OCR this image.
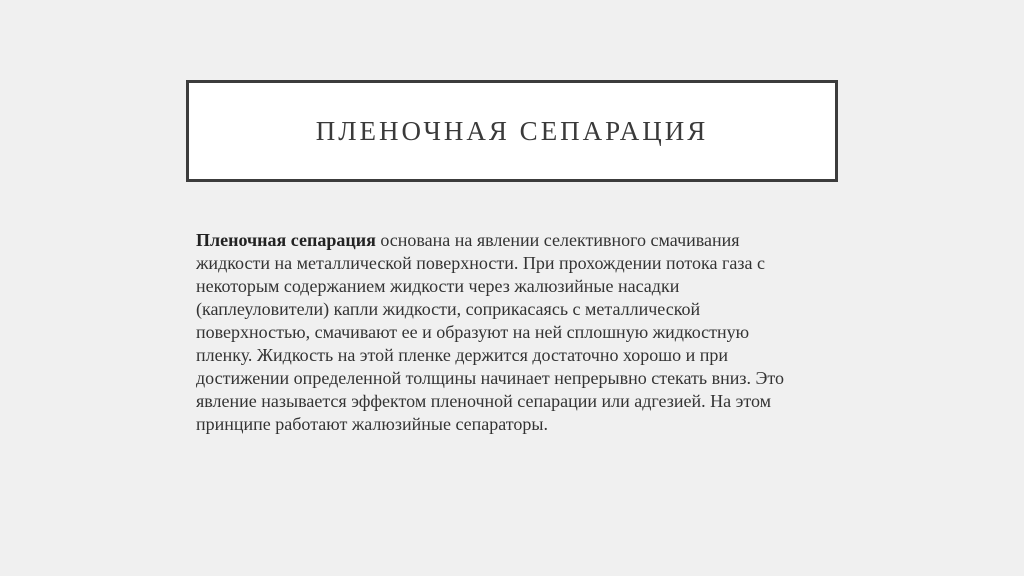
ПЛЕНОЧНАЯ СЕПАРАЦИЯ
Пленочная сепарация основана на явлении селективного смачивания
жидкости на металлической поверхности. При прохождении потока газа с
некоторым содержанием жидкости через жалюзийные насадки
(каплеуловители) капли жидкости, соприкасаясь с металлической
поверхностью, смачивают ее и образуют на ней сплошную жидкостную
пленку. Жидкость на этой пленке держится достаточно хорошо и при
достижении определенной толщины начинает непрерывно стекать вниз. Это
явление называется эффектом пленочной сепарации или адгезией. На этом
принципе работают жалюзийные сепараторы.
